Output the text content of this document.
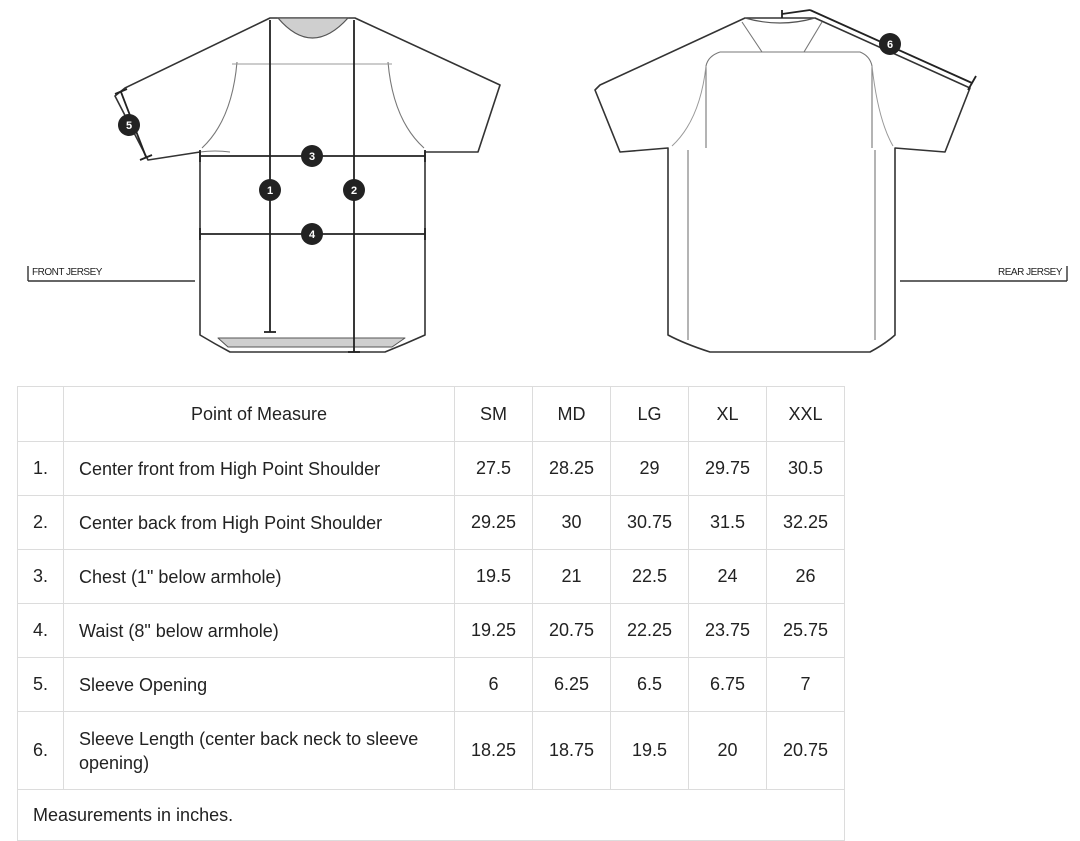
1	2
3
4
5
6
FRONT JERSEY	REAR JERSEY
	Point of Measure	SM	MD	LG	XL	XXL
1.	Center front from High Point Shoulder	27.5	28.25	29	29.75	30.5
2.	Center back from High Point Shoulder	29.25	30	30.75	31.5	32.25
3.	Chest (1" below armhole)	19.5	21	22.5	24	26
4.	Waist (8" below armhole)	19.25	20.75	22.25	23.75	25.75
5.	Sleeve Opening	6	6.25	6.5	6.75	7
6.	Sleeve Length (center back neck to sleeve opening)	18.25	18.75	19.5	20	20.75
Measurements in inches.						
